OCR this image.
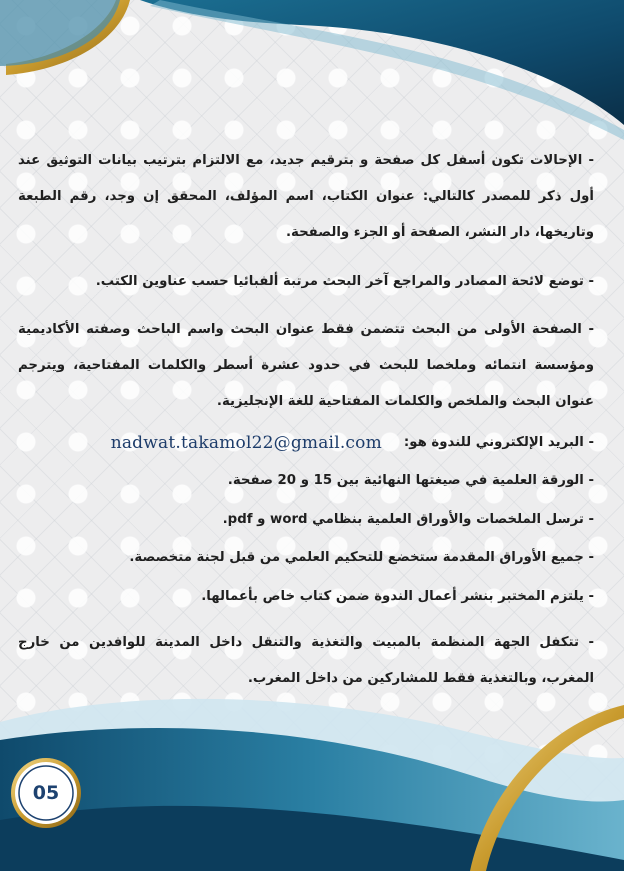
05

- الإحالات تكون أسفل كل صفحة و بترقيم جديد، مع الالتزام بترتيب بيانات التوثيق عند أول ذكر للمصدر كالتالي: عنوان الكتاب، اسم المؤلف، المحقق إن وجد، رقم الطبعة وتاريخها، دار النشر، الصفحة أو الجزء والصفحة.

- توضع لائحة المصادر والمراجع آخر البحث مرتبة ألفبائيا حسب عناوين الكتب.

- الصفحة الأولى من البحث تتضمن فقط عنوان البحث واسم الباحث وصفته الأكاديمية ومؤسسة انتمائه وملخصا للبحث في حدود عشرة أسطر والكلمات المفتاحية، ويترجم عنوان البحث والملخص والكلمات المفتاحية للغة الإنجليزية.

- البريد الإلكتروني للندوة هو:
nadwat.takamol22@gmail.com

- الورقة العلمية في صيغتها النهائية بين 15 و 20 صفحة.

- ترسل الملخصات والأوراق العلمية بنظامي word و pdf.

- جميع الأوراق المقدمة ستخضع للتحكيم العلمي من قبل لجنة متخصصة.

- يلتزم المختبر بنشر أعمال الندوة ضمن كتاب خاص بأعمالها.

- تتكفل الجهة المنظمة بالمبيت والتغذية والتنقل داخل المدينة للوافدين من خارج المغرب، وبالتغذية فقط للمشاركين من داخل المغرب.
